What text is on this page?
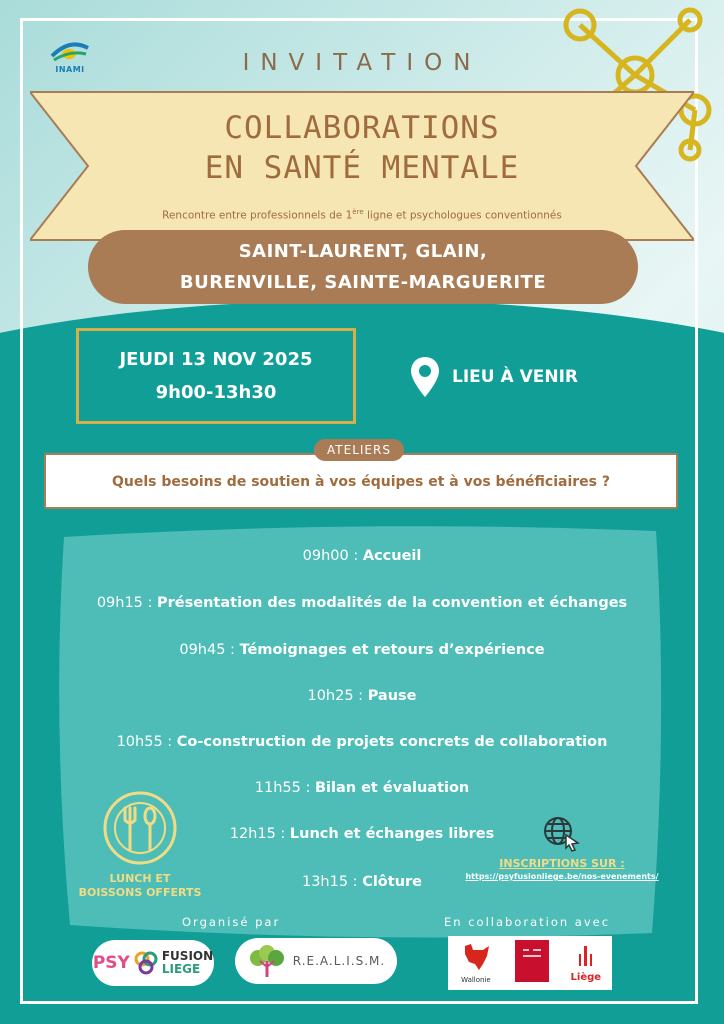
INAMI	INVITATION
COLLABORATIONS
EN SANTÉ MENTALE
Rencontre entre professionnels de 1ère ligne et psychologues conventionnés
SAINT-LAURENT, GLAIN,
BURENVILLE, SAINTE-MARGUERITE
JEUDI 13 NOV 2025
9h00-13h30
LIEU À VENIR
ATELIERS
Quels besoins de soutien à vos équipes et à vos bénéficiaires ?
09h00 : Accueil
09h15 : Présentation des modalités de la convention et échanges
09h45 : Témoignages et retours d’expérience
10h25 : Pause
10h55 : Co-construction de projets concrets de collaboration
11h55 : Bilan et évaluation
12h15 : Lunch et échanges libres
13h15 : Clôture
LUNCH ET
BOISSONS OFFERTS
INSCRIPTIONS SUR :
https://psyfusionliege.be/nos-evenements/
Organisé par	En collaboration avec
PSY	FUSION
LIEGE
R.E.A.L.I.S.M.
Wallonie	Liège
